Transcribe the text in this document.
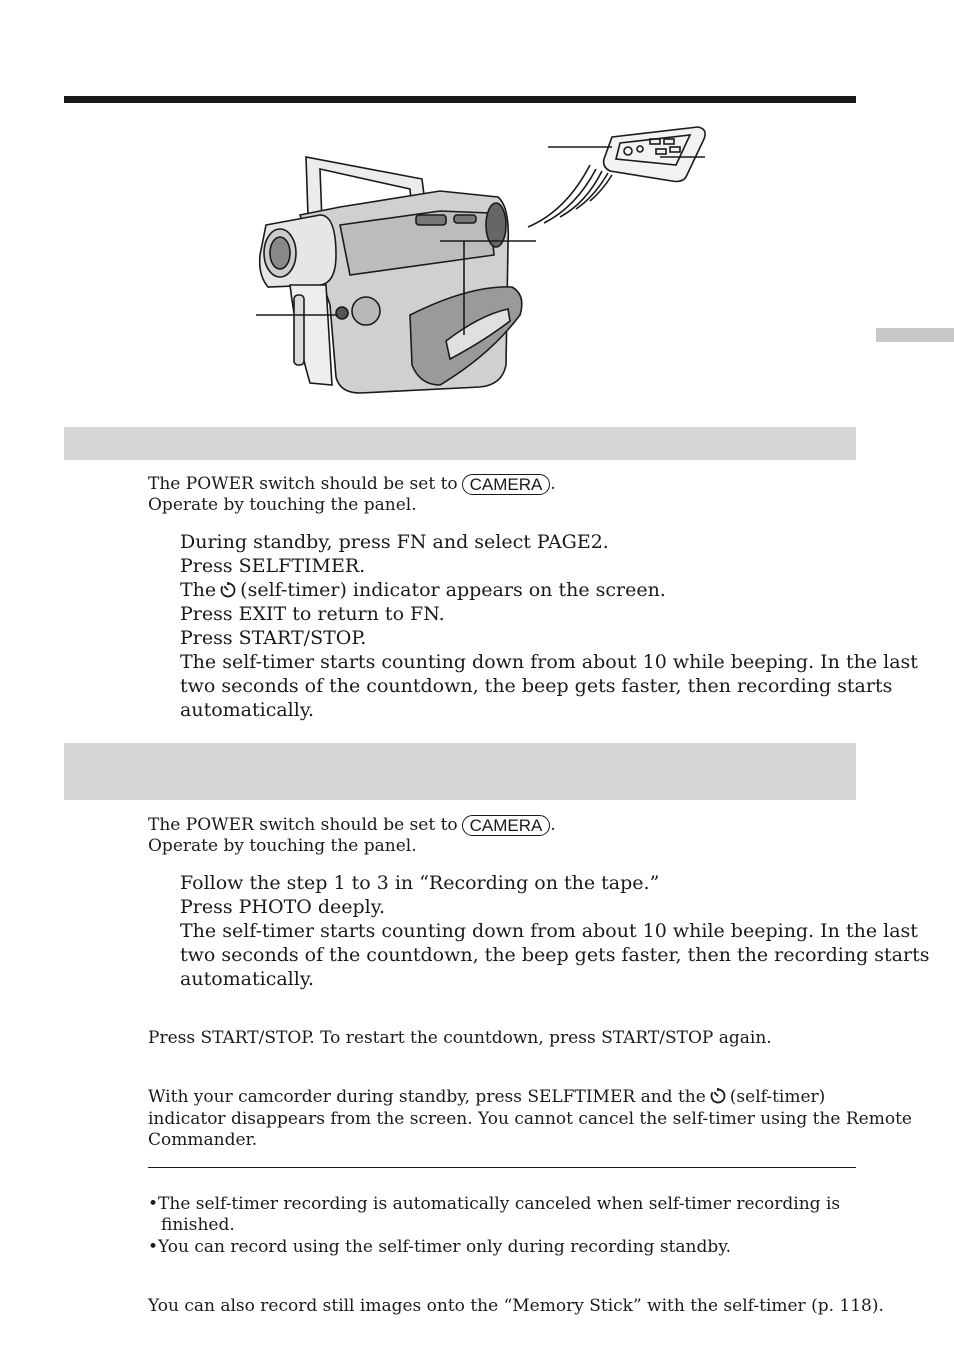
The POWER switch should be set to CAMERA .
Operate by touching the panel.
During standby, press FN and select PAGE2.
Press SELFTIMER.
The (self-timer) indicator appears on the screen.
Press EXIT to return to FN.
Press START/STOP.
The self-timer starts counting down from about 10 while beeping. In the last
two seconds of the countdown, the beep gets faster, then recording starts
automatically.
The POWER switch should be set to CAMERA .
Operate by touching the panel.
Follow the step 1 to 3 in “Recording on the tape.”
Press PHOTO deeply.
The self-timer starts counting down from about 10 while beeping. In the last
two seconds of the countdown, the beep gets faster, then the recording starts
automatically.
Press START/STOP. To restart the countdown, press START/STOP again.
With your camcorder during standby, press SELFTIMER and the (self-timer)
indicator disappears from the screen. You cannot cancel the self-timer using the Remote
Commander.
•The self-timer recording is automatically canceled when self-timer recording is
finished.
•You can record using the self-timer only during recording standby.
You can also record still images onto the “Memory Stick” with the self-timer (p. 118).
